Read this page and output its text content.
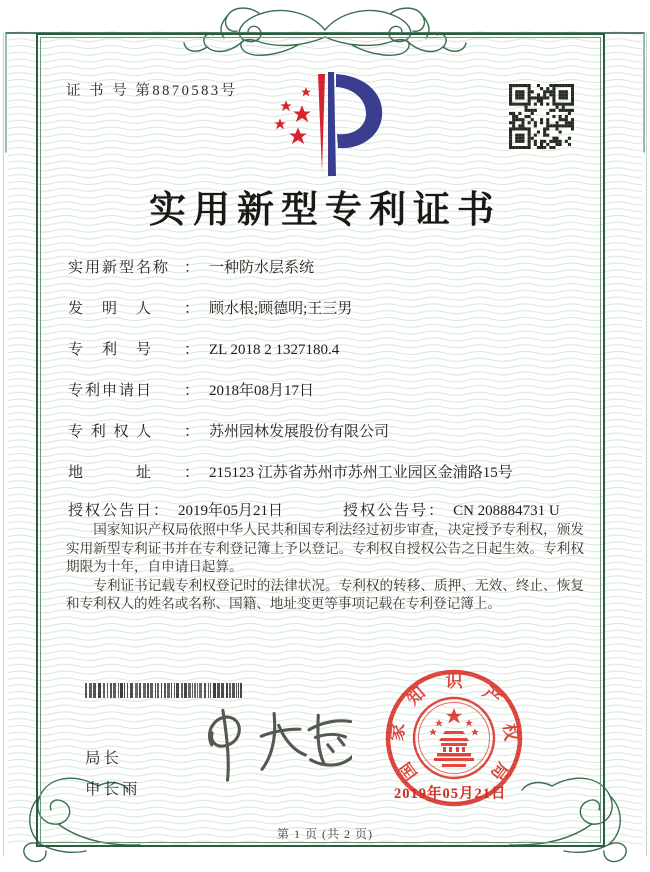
证 书 号 第8870583号
实用新型专利证书
实用新型名称 ： 一种防水层系统
发　明　人 ： 顾水根;顾德明;王三男
专　利　号 ： ZL 2018 2 1327180.4
专利申请日 ： 2018年08月17日
专 利 权 人 ： 苏州园林发展股份有限公司
地　　　址 ： 215123 江苏省苏州市苏州工业园区金浦路15号
授权公告日： 2019年05月21日	授权公告号： CN 208884731 U

国家知识产权局依照中华人民共和国专利法经过初步审查，决定授予专利权，颁发实用新型专利证书并在专利登记簿上予以登记。专利权自授权公告之日起生效。专利权期限为十年，自申请日起算。

专利证书记载专利权登记时的法律状况。专利权的转移、质押、无效、终止、恢复和专利权人的姓名或名称、国籍、地址变更等事项记载在专利登记簿上。

局长
申长雨
国
家
知
识
产
权
局
2019年05月21日
第 1 页 (共 2 页)
